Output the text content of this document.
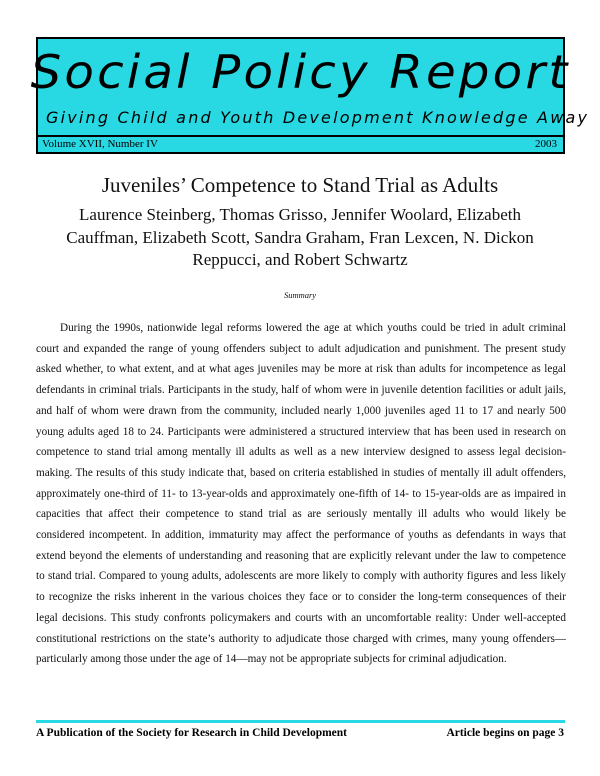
Social Policy Report
Giving Child and Youth Development Knowledge Away
Volume XVII, Number IV	2003
Juveniles’ Competence to Stand Trial as Adults
Laurence Steinberg, Thomas Grisso, Jennifer Woolard, Elizabeth Cauffman, Elizabeth Scott, Sandra Graham, Fran Lexcen, N. Dickon Reppucci, and Robert Schwartz
Summary
During the 1990s, nationwide legal reforms lowered the age at which youths could be tried in adult criminal court and expanded the range of young offenders subject to adult adjudication and punishment. The present study asked whether, to what extent, and at what ages juveniles may be more at risk than adults for incompetence as legal defendants in criminal trials. Participants in the study, half of whom were in juvenile detention facilities or adult jails, and half of whom were drawn from the community, included nearly 1,000 juveniles aged 11 to 17 and nearly 500 young adults aged 18 to 24. Participants were administered a structured interview that has been used in research on competence to stand trial among mentally ill adults as well as a new interview designed to assess legal decision-making. The results of this study indicate that, based on criteria established in studies of mentally ill adult offenders, approximately one-third of 11- to 13-year-olds and approximately one-fifth of 14- to 15-year-olds are as impaired in capacities that affect their competence to stand trial as are seriously mentally ill adults who would likely be considered incompetent. In addition, immaturity may affect the performance of youths as defendants in ways that extend beyond the elements of understanding and reasoning that are explicitly relevant under the law to competence to stand trial. Compared to young adults, adolescents are more likely to comply with authority figures and less likely to recognize the risks inherent in the various choices they face or to consider the long-term consequences of their legal decisions. This study confronts policymakers and courts with an uncomfortable reality: Under well-accepted constitutional restrictions on the state’s authority to adjudicate those charged with crimes, many young offenders—particularly among those under the age of 14—may not be appropriate subjects for criminal adjudication.
A Publication of the Society for Research in Child Development	Article begins on page 3
